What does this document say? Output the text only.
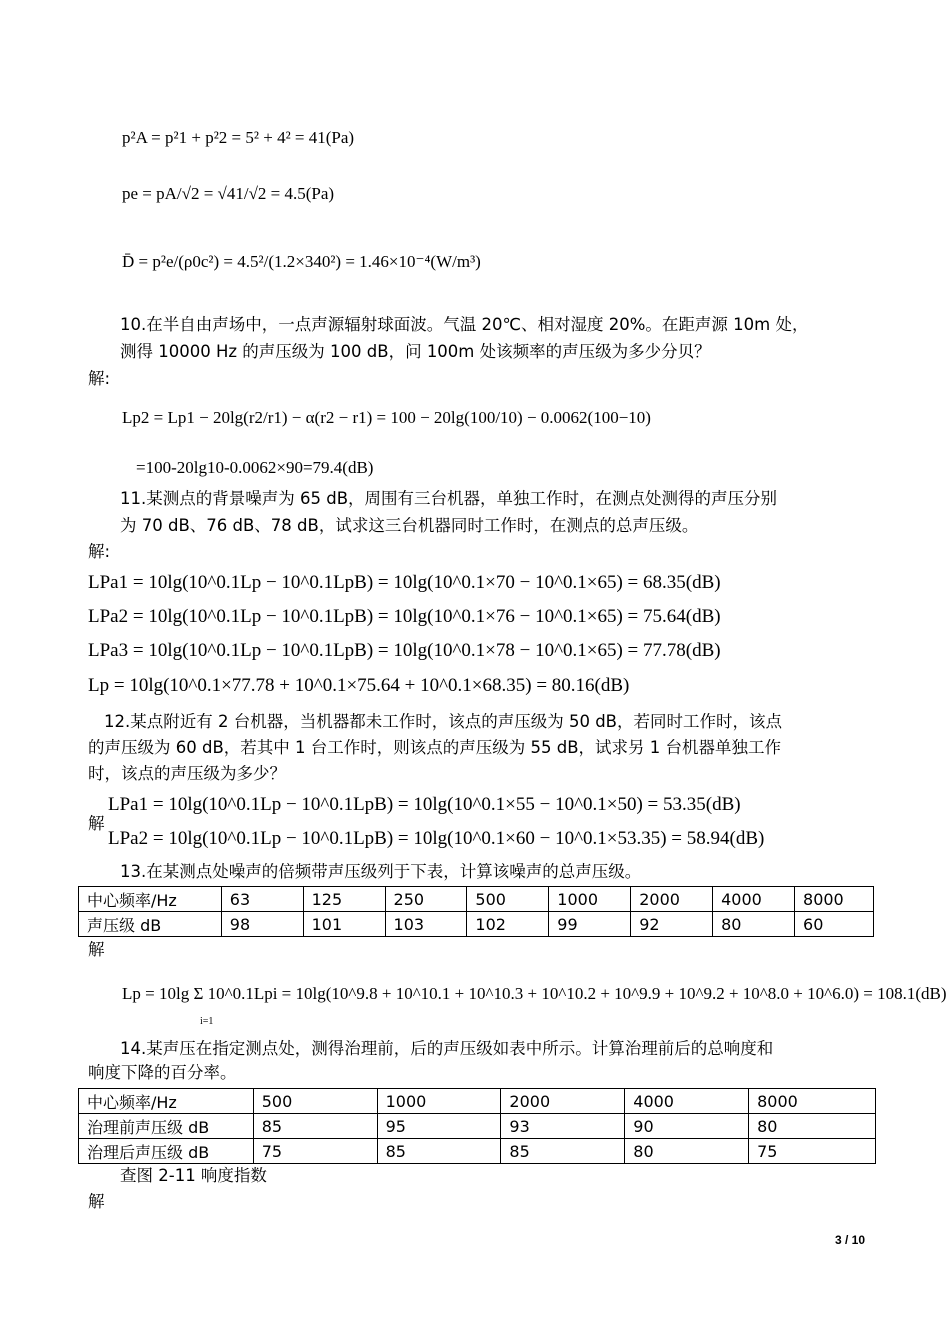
p²A = p²1 + p²2 = 5² + 4² = 41(Pa)
pe = pA/√2 = √41/√2 = 4.5(Pa)
D̄ = p²e/(ρ0c²) = 4.5²/(1.2×340²) = 1.46×10⁻⁴(W/m³)
10.在半自由声场中，一点声源辐射球面波。气温 20℃、相对湿度 20%。在距声源 10m 处，
测得 10000 Hz 的声压级为 100 dB，问 100m 处该频率的声压级为多少分贝？
解:
Lp2 = Lp1 − 20lg(r2/r1) − α(r2 − r1) = 100 − 20lg(100/10) − 0.0062(100−10)
=100-20lg10-0.0062×90=79.4(dB)
11.某测点的背景噪声为 65 dB，周围有三台机器，单独工作时，在测点处测得的声压分别
为 70 dB、76 dB、78 dB，试求这三台机器同时工作时，在测点的总声压级。
解:
LPa1 = 10lg(10^0.1Lp − 10^0.1LpB) = 10lg(10^0.1×70 − 10^0.1×65) = 68.35(dB)
LPa2 = 10lg(10^0.1Lp − 10^0.1LpB) = 10lg(10^0.1×76 − 10^0.1×65) = 75.64(dB)
LPa3 = 10lg(10^0.1Lp − 10^0.1LpB) = 10lg(10^0.1×78 − 10^0.1×65) = 77.78(dB)
Lp = 10lg(10^0.1×77.78 + 10^0.1×75.64 + 10^0.1×68.35) = 80.16(dB)
12.某点附近有 2 台机器，当机器都未工作时，该点的声压级为 50 dB，若同时工作时，该点
的声压级为 60 dB，若其中 1 台工作时，则该点的声压级为 55 dB，试求另 1 台机器单独工作
时，该点的声压级为多少？
LPa1 = 10lg(10^0.1Lp − 10^0.1LpB) = 10lg(10^0.1×55 − 10^0.1×50) = 53.35(dB)
解
LPa2 = 10lg(10^0.1Lp − 10^0.1LpB) = 10lg(10^0.1×60 − 10^0.1×53.35) = 58.94(dB)
13.在某测点处噪声的倍频带声压级列于下表，计算该噪声的总声压级。
中心频率/Hz	63	125	250	500	1000	2000	4000	8000
声压级 dB	98	101	103	102	99	92	80	60
解
Lp = 10lg Σ 10^0.1Lpi = 10lg(10^9.8 + 10^10.1 + 10^10.3 + 10^10.2 + 10^9.9 + 10^9.2 + 10^8.0 + 10^6.0) = 108.1(dB)
i=1
14.某声压在指定测点处，测得治理前，后的声压级如表中所示。计算治理前后的总响度和
响度下降的百分率。
中心频率/Hz	500	1000	2000	4000	8000
治理前声压级 dB	85	95	93	90	80
治理后声压级 dB	75	85	85	80	75
查图 2-11 响度指数
解
3 / 10
